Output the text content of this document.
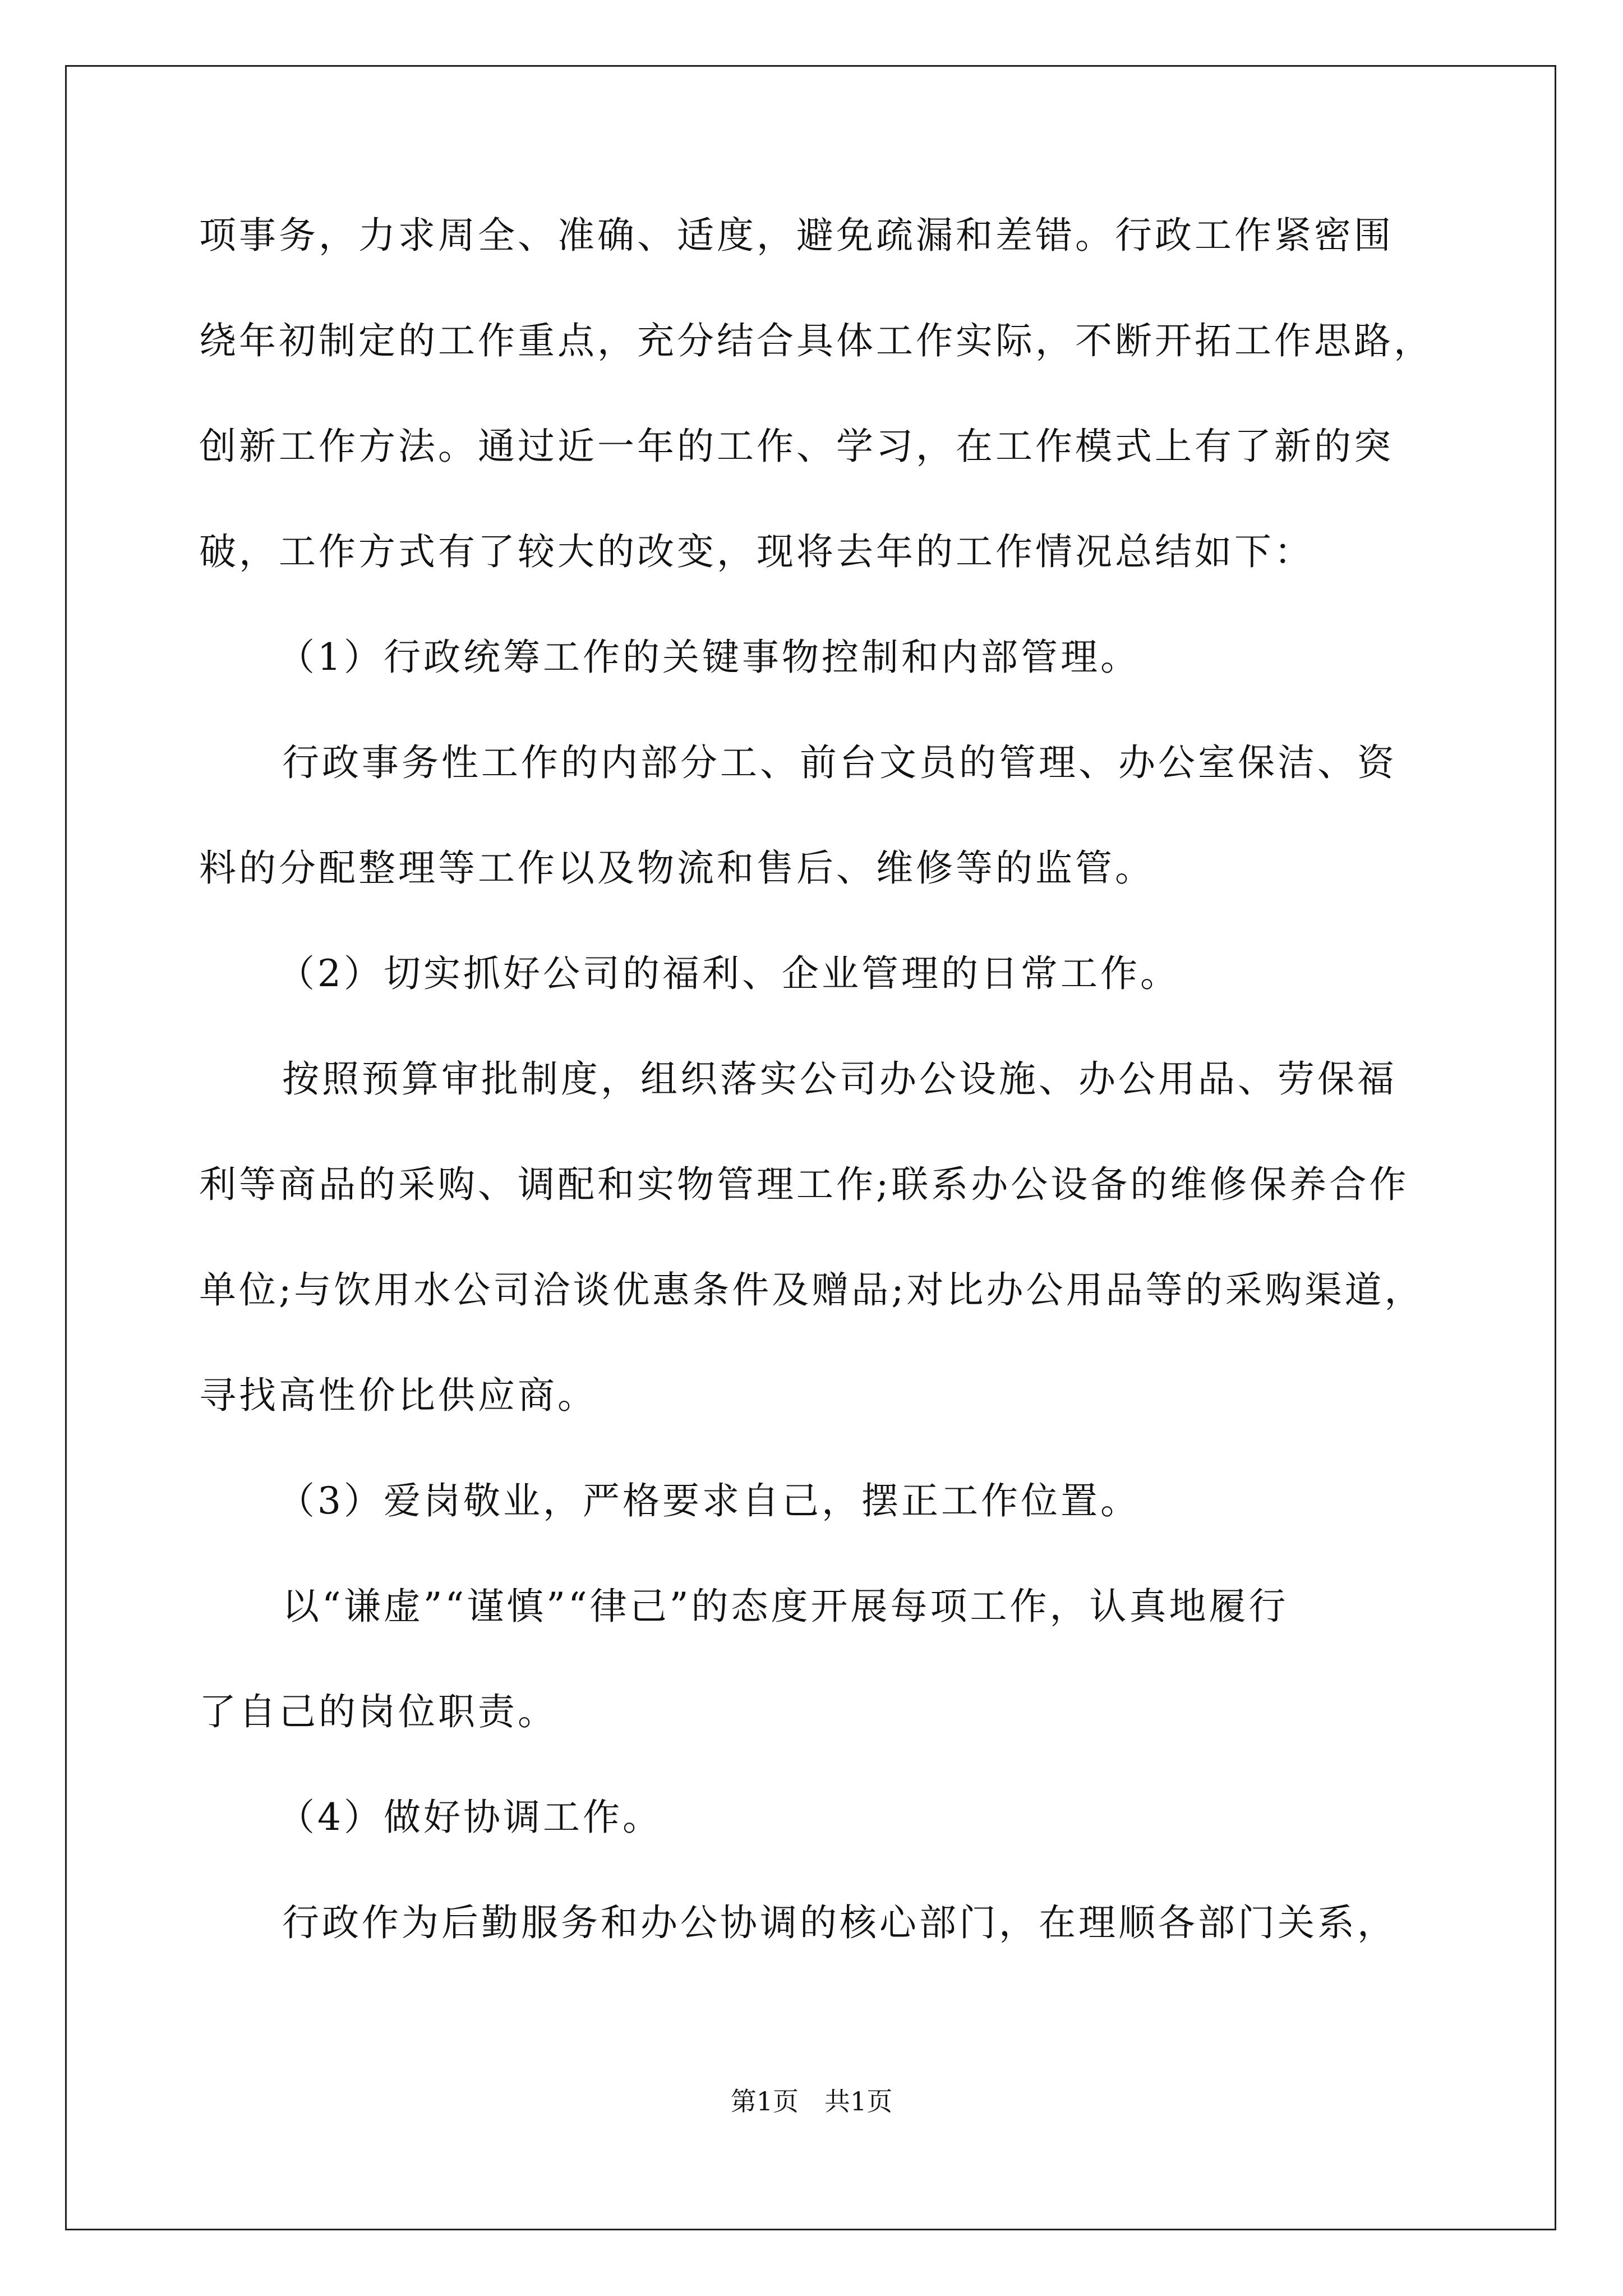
项事务，力求周全、准确、适度，避免疏漏和差错。行政工作紧密围
绕年初制定的工作重点，充分结合具体工作实际，不断开拓工作思路，
创新工作方法。通过近一年的工作、学习，在工作模式上有了新的突
破，工作方式有了较大的改变，现将去年的工作情况总结如下：
（1）行政统筹工作的关键事物控制和内部管理。
行政事务性工作的内部分工、前台文员的管理、办公室保洁、资
料的分配整理等工作以及物流和售后、维修等的监管。
（2）切实抓好公司的福利、企业管理的日常工作。
按照预算审批制度，组织落实公司办公设施、办公用品、劳保福
利等商品的采购、调配和实物管理工作;联系办公设备的维修保养合作
单位;与饮用水公司洽谈优惠条件及赠品;对比办公用品等的采购渠道，
寻找高性价比供应商。
（3）爱岗敬业，严格要求自己，摆正工作位置。
以“谦虚”“谨慎”“律己”的态度开展每项工作，认真地履行
了自己的岗位职责。
（4）做好协调工作。
行政作为后勤服务和办公协调的核心部门，在理顺各部门关系，
第1页　共1页
